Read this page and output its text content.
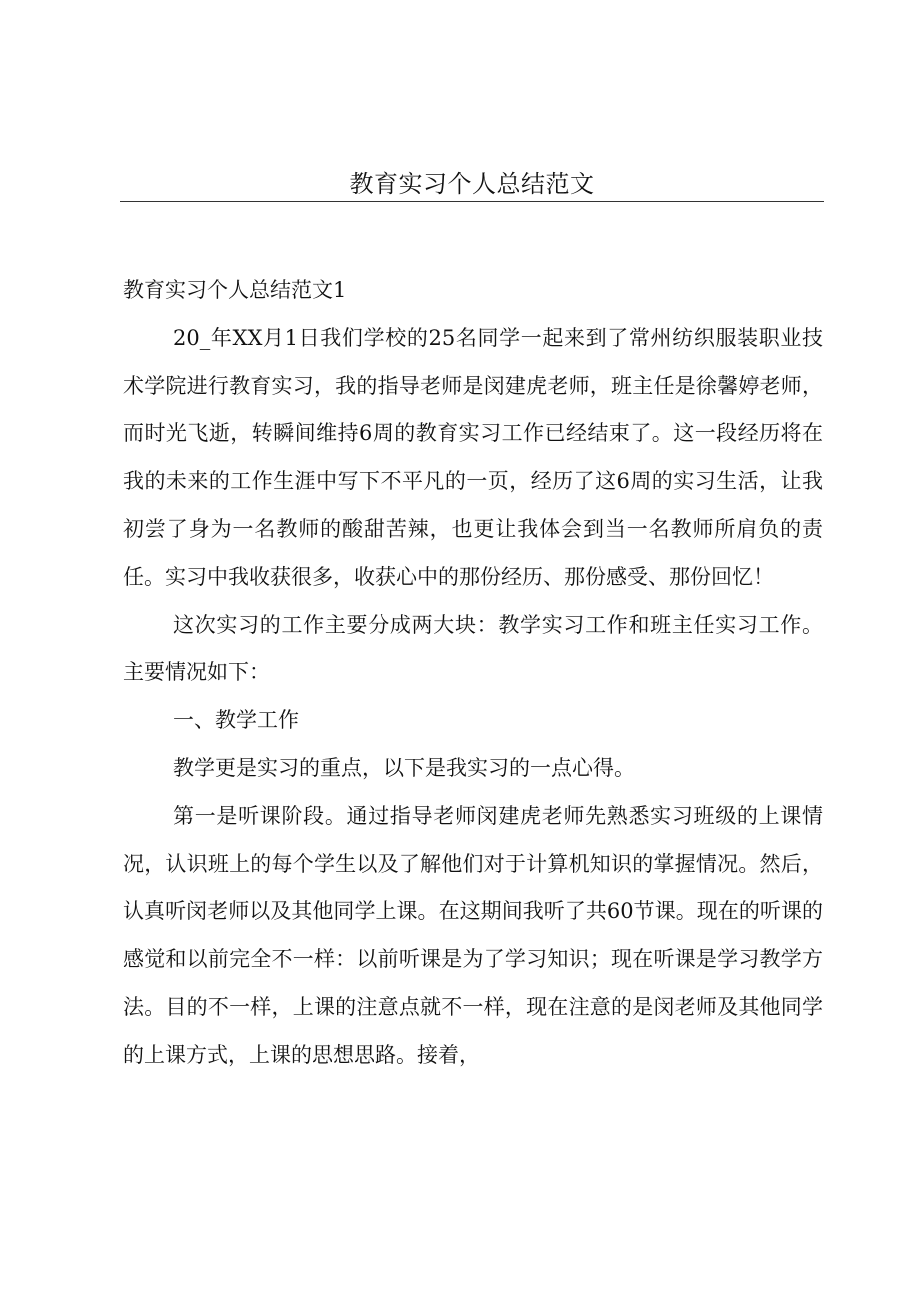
教育实习个人总结范文

教育实习个人总结范文1

20_年XX月1日我们学校的25名同学一起来到了常州纺织服装职业技术学院进行教育实习，我的指导老师是闵建虎老师，班主任是徐馨婷老师，而时光飞逝，转瞬间维持6周的教育实习工作已经结束了。这一段经历将在我的未来的工作生涯中写下不平凡的一页，经历了这6周的实习生活，让我初尝了身为一名教师的酸甜苦辣，也更让我体会到当一名教师所肩负的责任。实习中我收获很多，收获心中的那份经历、那份感受、那份回忆！

这次实习的工作主要分成两大块：教学实习工作和班主任实习工作。主要情况如下：

一、教学工作

教学更是实习的重点，以下是我实习的一点心得。

第一是听课阶段。通过指导老师闵建虎老师先熟悉实习班级的上课情况，认识班上的每个学生以及了解他们对于计算机知识的掌握情况。然后，认真听闵老师以及其他同学上课。在这期间我听了共60节课。现在的听课的感觉和以前完全不一样：以前听课是为了学习知识；现在听课是学习教学方法。目的不一样，上课的注意点就不一样，现在注意的是闵老师及其他同学的上课方式，上课的思想思路。接着，
